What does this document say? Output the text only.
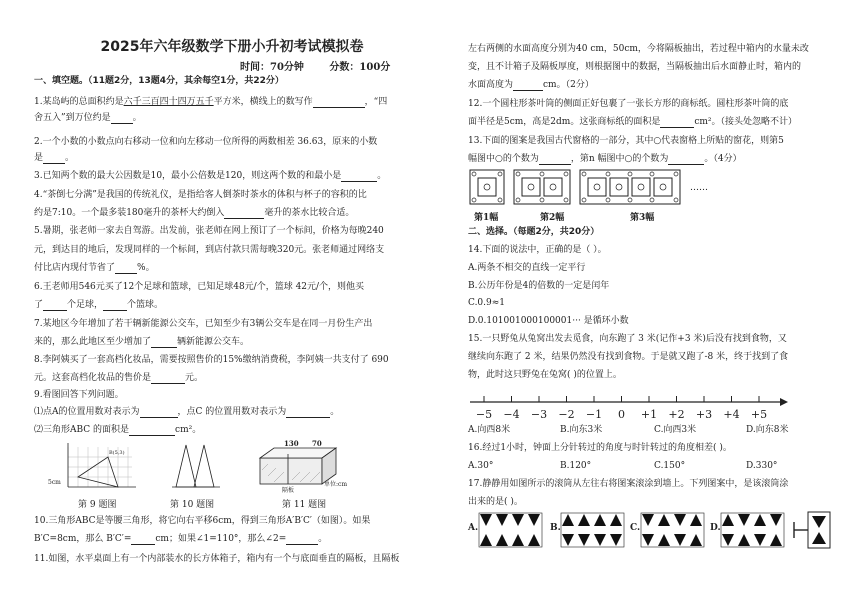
2025年六年级数学下册小升初考试模拟卷
时间：70分钟	分数：100分
一、填空题。（11题2分，13题4分，其余每空1分，共22分）
1.某岛屿的总面积约是六千三百四十四万五千平方米，横线上的数写作	，“四
舍五入”到万位约是 。
2.一个小数的小数点向右移动一位和向左移动一位所得的两数相差 36.63，原来的小数
是 。
3.已知两个数的最大公因数是10，最小公倍数是120，则这两个数的和最小是	。
4.“茶倒七分满”是我国的传统礼仪，是指给客人倒茶时茶水的体积与杯子的容积的比
约是7:10。一个最多装180毫升的茶杯大约倒入	毫升的茶水比较合适。
5.暑期，张老师一家去自驾游。出发前，张老师在网上预订了一个标间，价格为每晚240
元，到达目的地后，发现同样的一个标间，到店付款只需每晚320元。张老师通过网络支
付比店内现付节省了 %。
6.王老师用546元买了12个足球和篮球，已知足球48元/个，篮球 42元/个，则他买
了	个足球，	个篮球。
7.某地区今年增加了若干辆新能源公交车，已知至少有3辆公交车是在同一月份生产出
来的，那么此地区至少增加了	辆新能源公交车。
8.李阿姨买了一套高档化妆品，需要按照售价的15%缴纳消费税，李阿姨一共支付了 690
元。这套高档化妆品的售价是	元。
9.看图回答下列问题。
⑴点A的位置用数对表示为	，点C 的位置用数对表示为	。
⑵三角形ABC 的面积是	cm²。
B(5,3)
5cm
130 70
隔板
单位:cm
第 9 题图	第 10 题图	第 11 题图
10.三角形ABC是等腰三角形，将它向右平移6cm，得到三角形A′B′C′（如图）。如果
B′C=8cm，那么 B′C′=	cm；如果∠1=110°，那么∠2=	。
11.如图，水平桌面上有一个内部装水的长方体箱子，箱内有一个与底面垂直的隔板，且隔板
左右两侧的水面高度分别为40 cm，50cm，今将隔板抽出，若过程中箱内的水量未改
变，且不计箱子及隔板厚度，则根据图中的数据，当隔板抽出后水面静止时，箱内的
水面高度为	cm。（2分）
12.一个圆柱形茶叶筒的侧面正好包裹了一张长方形的商标纸。圆柱形茶叶筒的底
面半径是5cm，高是2dm。这张商标纸的面积是	cm²。（接头处忽略不计）
13.下面的图案是我国古代窗格的一部分，其中○代表窗格上所贴的窗花，则第5
幅图中○的个数为	，第n 幅图中○的个数为	。（4分）
……
第1幅	第2幅	第3幅
二、选择。（每题2分，共20分）
14.下面的说法中，正确的是（ ）。
A.两条不相交的直线一定平行
B.公历年份是4的倍数的一定是闰年
C.0.9≈1
D.0.101001000100001··· 是循环小数
15.一只野兔从兔窝出发去觅食，向东跑了 3 米(记作+3 米)后没有找到食物，又
继续向东跑了 2 米，结果仍然没有找到食物。于是就又跑了-8 米，终于找到了食
物，此时这只野兔在兔窝( )的位置上。
−5 −4 −3 −2 −1 0 +1 +2 +3 +4 +5
A.向西8米	B.向东3米	C.向西3米	D.向东8米
16.经过1小时，钟面上分针转过的角度与时针转过的角度相差( )。
A.30°	B.120°	C.150°	D.330°
17.静静用如图所示的滚筒从左往右将图案滚涂到墙上。下列图案中，是该滚筒涂
出来的是( )。
A.	B.	C.	D.
